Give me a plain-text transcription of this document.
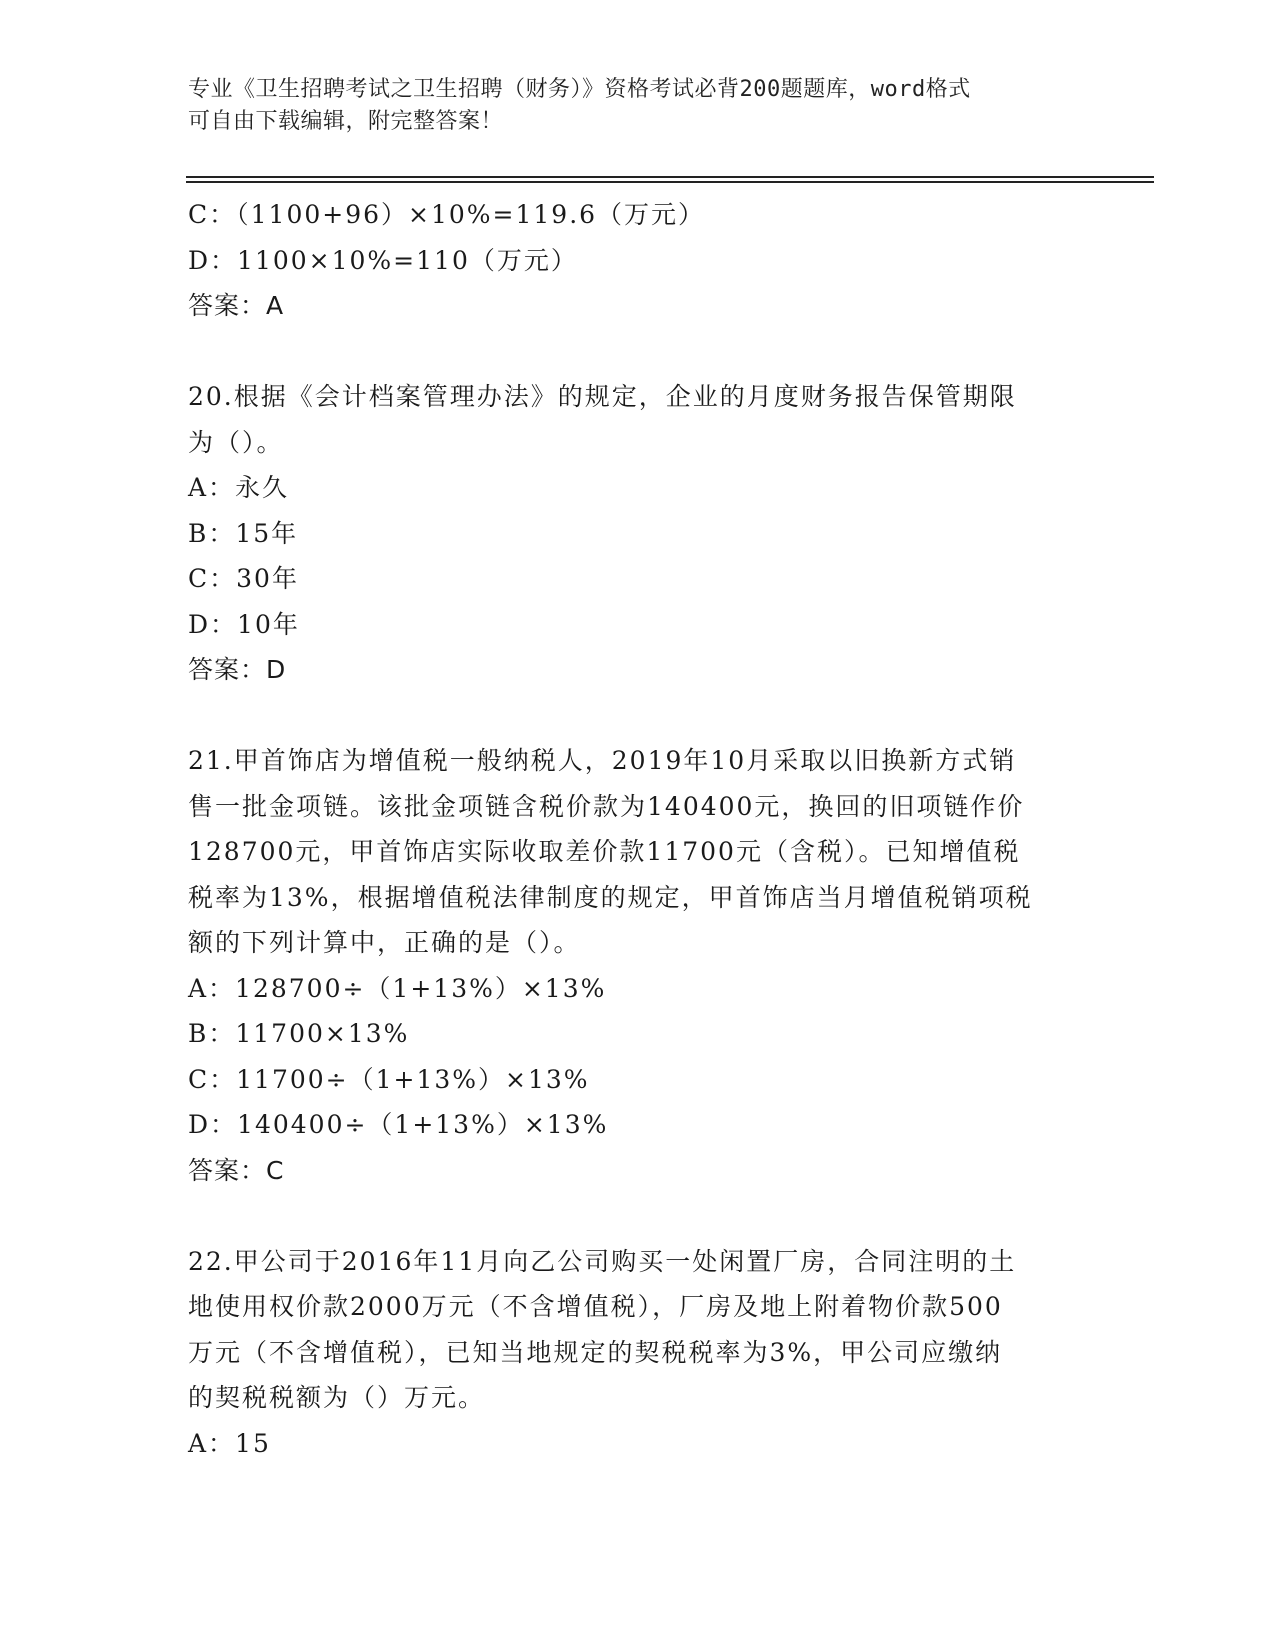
专业《卫生招聘考试之卫生招聘（财务）》资格考试必背200题题库，word格式
可自由下载编辑，附完整答案！
C：（1100+96）×10%=119.6（万元）
D：1100×10%=110（万元）
答案：A
20.根据《会计档案管理办法》的规定，企业的月度财务报告保管期限
为（）。
A：永久
B：15年
C：30年
D：10年
答案：D
21.甲首饰店为增值税一般纳税人，2019年10月采取以旧换新方式销
售一批金项链。该批金项链含税价款为140400元，换回的旧项链作价
128700元，甲首饰店实际收取差价款11700元（含税）。已知增值税
税率为13%，根据增值税法律制度的规定，甲首饰店当月增值税销项税
额的下列计算中，正确的是（）。
A：128700÷（1+13%）×13%
B：11700×13%
C：11700÷（1+13%）×13%
D：140400÷（1+13%）×13%
答案：C
22.甲公司于2016年11月向乙公司购买一处闲置厂房，合同注明的土
地使用权价款2000万元（不含增值税），厂房及地上附着物价款500
万元（不含增值税），已知当地规定的契税税率为3%，甲公司应缴纳
的契税税额为（）万元。
A：15
